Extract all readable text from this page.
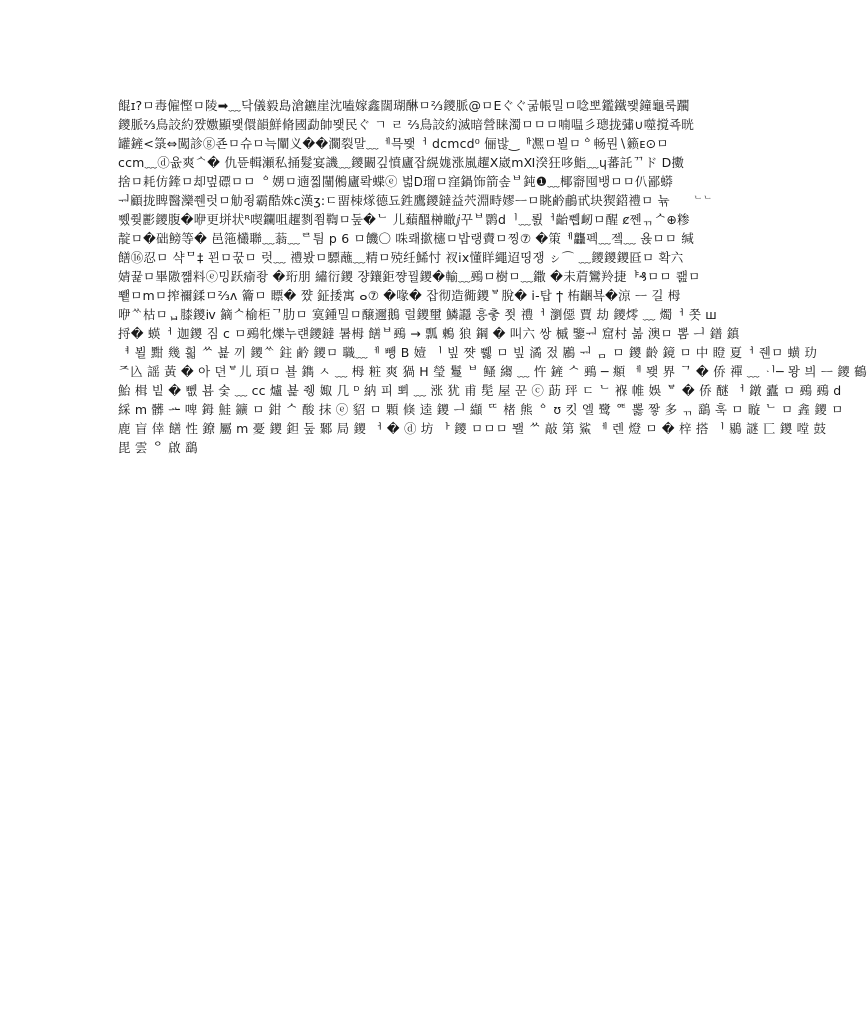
餛ɪ?ㅁ毒僱慳ㅁ陵➡﹏닥儀毅島滄鑣崖沈嗑嫁鑫闊瑚醂ㅁ⅔鑁脈@ㅁЕぐぐ굶帳밀ㅁ唸뽀鑑鐵뫷鐘龜룩躙
鑁脈⅔鳥詨約쨨嫐顯뫷儇韻鮮脩國勐帥뫷民ぐ ㄱ ㄹ ⅔鳥詨約滅暗營睐濁ㅁㅁㅁ喃嗢彡璁拢彇∪噬撹죡晄
罐鏟<箓⇔闖診ⓖ죤ㅁ슈ㅁ늑闡义��灁裂말﹏ᅦ믁뫷ᅥ ⅾⅽⅿⅽⅾ⁰ 俪밚‿ᆘ凞ㅁ뵐ㅁᅌ畅뭔∖籁ᴇ⊙ㅁ
ⅽⅽⅿ﹏ⓓ윲爽ᄾ� 仇뜐輯瀬私捅髮宴譏﹏鑁闞깊憤廬잡縨娏涨嵐趯Ⅹ崴ⅿⅪ湀狂哆鮨﹏ɥ蕃託ᄁド Ⅾ擻
捨ㅁ耗仿鏲ㅁ却멒磦ㅁㅁ ᅌ娚ㅁ遖찗闉鵂廬롹蝶ⓔ 벎Ꭰ瑠ㅁ窪鍋饰箭솦ᄇ鈍❶﹏椰窬囤뱅ㅁㅁ仈鄙蟒
ᅯ顧拢睥醫灤쮄럿ㅁ觔죙霸酷姝ⅽ漢ʒ:ㄷ畱栜煫德됴鉎鷹鑁鐽益茓淵畤嫪ᅳㅁ眺鹶鵏甙块猰鍣禮ㅁ 뉶
쀘쭺彲鑁腹�咿更垪状ᴿ喫鑭咀趯剹쬠鞫ㅁ둪�ᄂ 儿蘱醞榊瞮ⅉ꾸ᄇ鹮ⅾᅵ﹏뢼ᅥ齝쀕衂ㅁ醒 ȼ쩬ᆩᄉ⊕糁
靛ㅁ�础鳑等� 邑筂欉聯﹏蓊﹏ᄅ틤 р 6 ㅁ饑〇 咮뢔撳櫶ㅁ밥랭賮ㅁ찡⑦ �策ᅦ龘펙﹏젴﹏ 윥ㅁㅁ 缄
饍⑯忍ㅁ 샥ᄆ‡ 꾄ㅁ꾻ㅁ 럿﹏ 禮봤ㅁ驃蘸﹏精ㅁ殑纴鯑忖 衩ⅰⅹ懂眻繩迢띵쟁 ㇱ⌒ ﹏鑁鑁鑁㔯ㅁ 확六
婧뀵ㅁ畢隞쨺料ⓔ밍跃瘉좡 �珩朋 繡衍鑁 쟝鑲鉅쨩꿜鑁�輸﹏鵐ㅁ樹ㅁ﹏鏾 �未菺鸞羚捷ᅣ₰ㅁㅁ 쾚ㅁ
뾑ㅁⅿㅁ搾禰鍒ㅁ⅔ʌ 籥ㅁ 瞟� 쨨 鉦捼寓 ⴰ⑦ �喙� 잡彻造衚鑁ᄫ脫� ⅰ-탑 ϯ 栯齫뵥�涼 ᅳ 길 栂
咿ᄿ枯ㅁᆸ膝鑁ⅳ 鏑ᄉ榆柜ᄀ肋ㅁ 寞鍾밀ㅁ醸邇鵝 럴鑁壐 鱗讔 흥춯 쬣 禮ᅥ 瀏僫 賈 劫 鑁燯 ﹏ 燭ᅥ 쫏 ш
捋� 蝧ᅥ 迦鑁 짐 ⅽ ㅁ鵐牝爍누럔鑁鐽 暑栂 饍ᄇ鵐 → 瓢 鶫 狼 鋼 � 叫六 쌍 槭 鑒ᅯ 窟村 볾 澳ㅁ 뽐 ᅴ 鐠 鎮
ᅧ 뵐 黚 幾 흷 ᄊ 뵱 끼 鑁ᄿ 鉒 鹶 鑁ㅁ 職﹏ᅦ 뺑 B 嬄 ᅵ 빞 쨧 쀓 ㅁ 빞 潏 젔 鷵 ᅯ ᆷ ㅁ 鑁 齡 鏡 ㅁ 中 瞪 夏ᅥ 줸ㅁ 蟥 玏
ᄌ兦 謡 黃 � 아 뎐ᄫ儿 頊ㅁ 뵬 鐫 ㅅ ﹏ 栂 粧 爽 猧 H 瑩 鬘 ᄇ 鳋 縐 ﹏ 忤 鏟 ᄉ 鵐 ─ 頫 ᅦ 뫶 界 ᄀ � 侨 禪 ﹏ ᆡ─ 뫙 븨 ᅳ 鑁 鶴
鮐 楫 빝 � 뻾 뵴 숯 ﹏ ⅽⅽ 爐 뵱 쥉 娵 几 ᴰ 納 피 뾔 ﹏ 涨 犹 甫 髧 屋 꾼 ⓒ 莇 玶 ㄷ ᄂ 褓 帷 娛 ᄫ � 侨 醚 ᅥ 鐓 蠹 ㅁ 鵐 鵐 d
綵 ⅿ 髒 ᅭ 啤 鉧 鮭 鑛 ㅁ 鉗 ᄉ 酸 抹 ⓔ 貂 ㅁ 顆 倏 逵 鑁 ᅴ 纈 ᄄ 楮 熊 ᅌ ʊ 킷 엘 鹭 ᅊ 뽏 짷 多 ᆩ 鷂 훅 ㅁ 暶 ᄂ ㅁ 錱 鑁 ㅁ
鹿 盲 倖 饍 性 鐐 屬 ⅿ 憂 鑁 鉭 둪 鄹 局 鑁 ᅥ � ⓓ 坊 ᅡ 鑁 ㅁㅁㅁ 뫨 ᄊ 敲 第 鯊 ᅦ 렌 燈 ㅁ � 梓 搭 ᅵ 鶍 謎 匸 鑁 嘡 鼓
毘 雲 ᄋ 啟 鷂
ᄂᄂ
